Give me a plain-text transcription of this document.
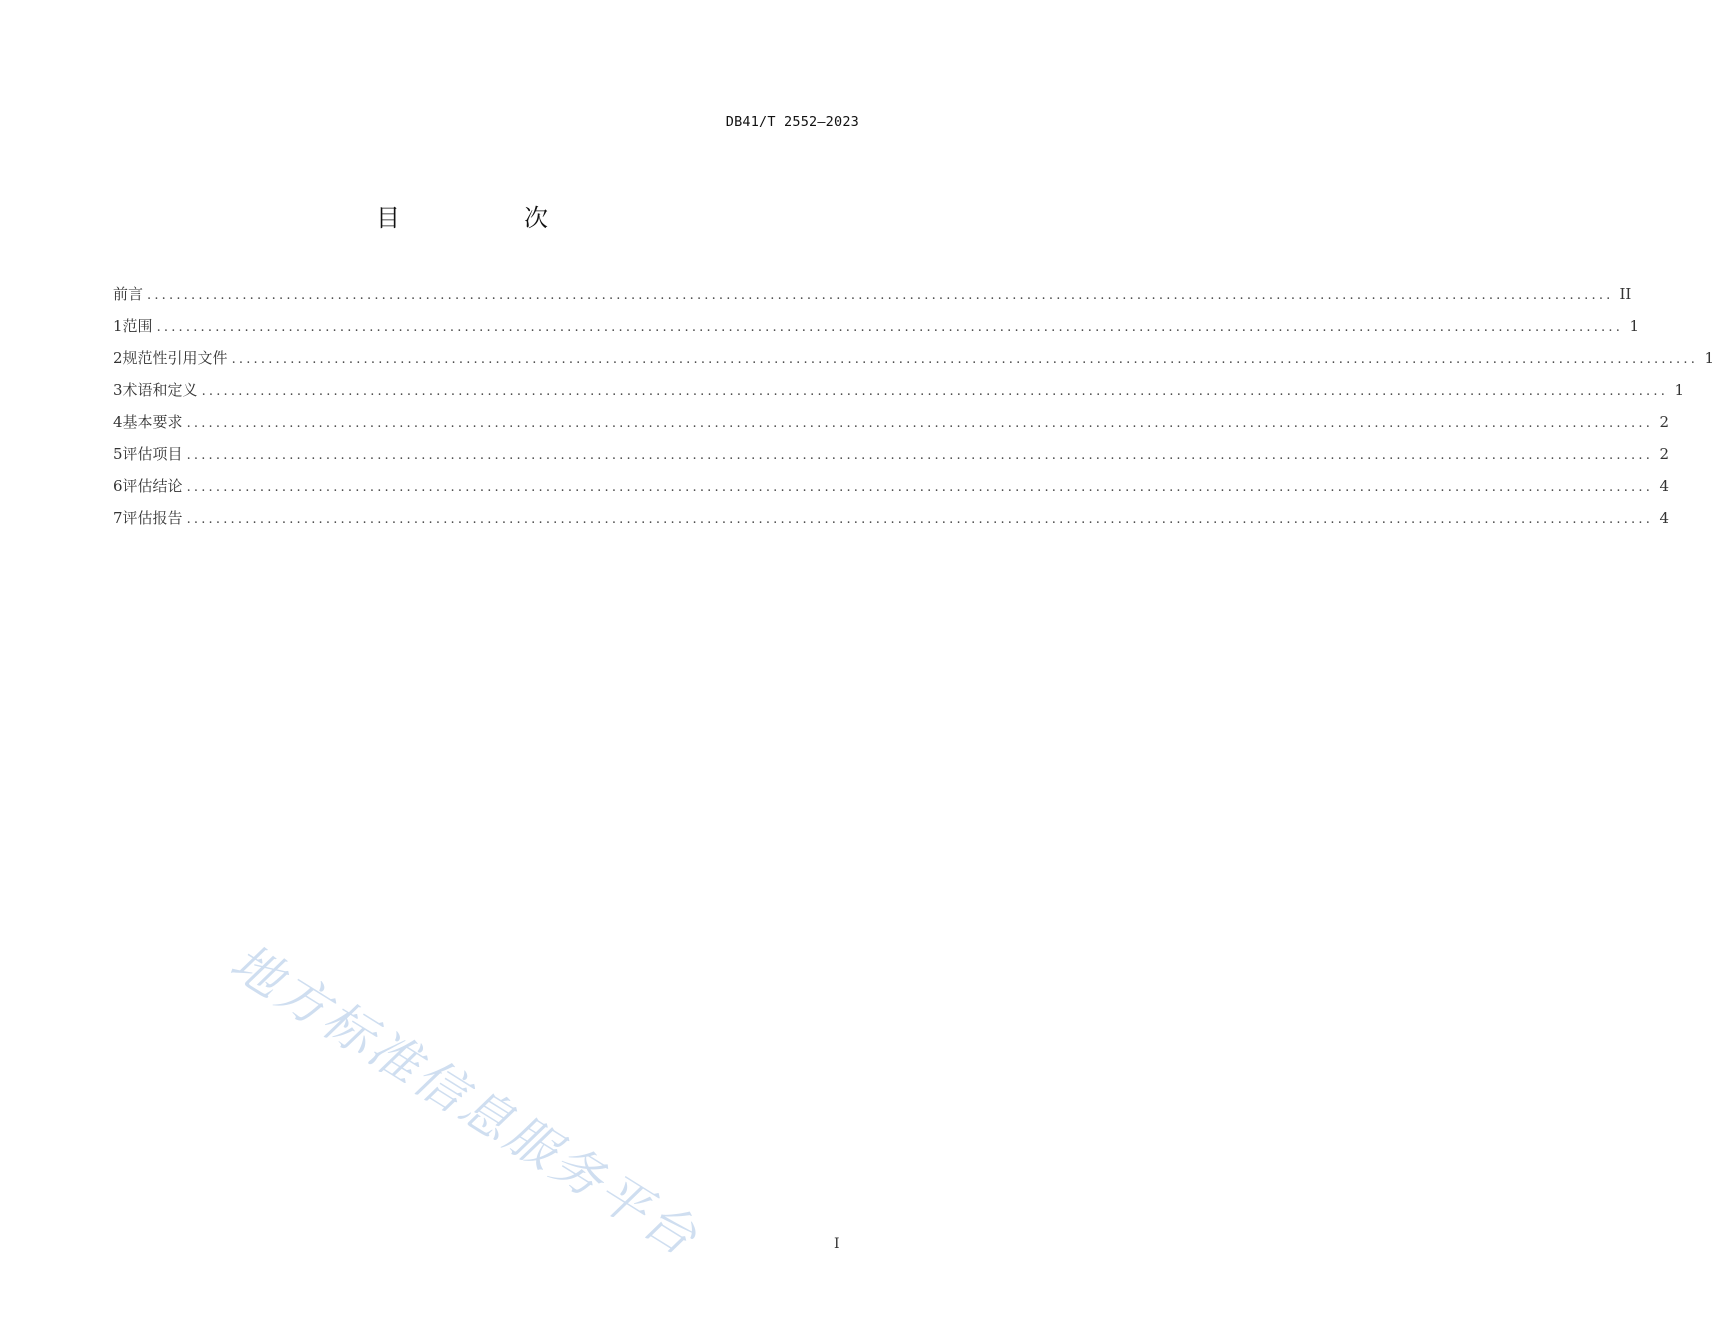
DB41/T 2552—2023
目　次
前言 ........................................................................................................................................................................................................ II
1 范围 ........................................................................................................................................................................................................ 1
2 规范性引用文件 ........................................................................................................................................................................................................ 1
3 术语和定义 ........................................................................................................................................................................................................ 1
4 基本要求 ........................................................................................................................................................................................................ 2
5 评估项目 ........................................................................................................................................................................................................ 2
6 评估结论 ........................................................................................................................................................................................................ 4
7 评估报告 ........................................................................................................................................................................................................ 4
地方标准信息服务平台	I
